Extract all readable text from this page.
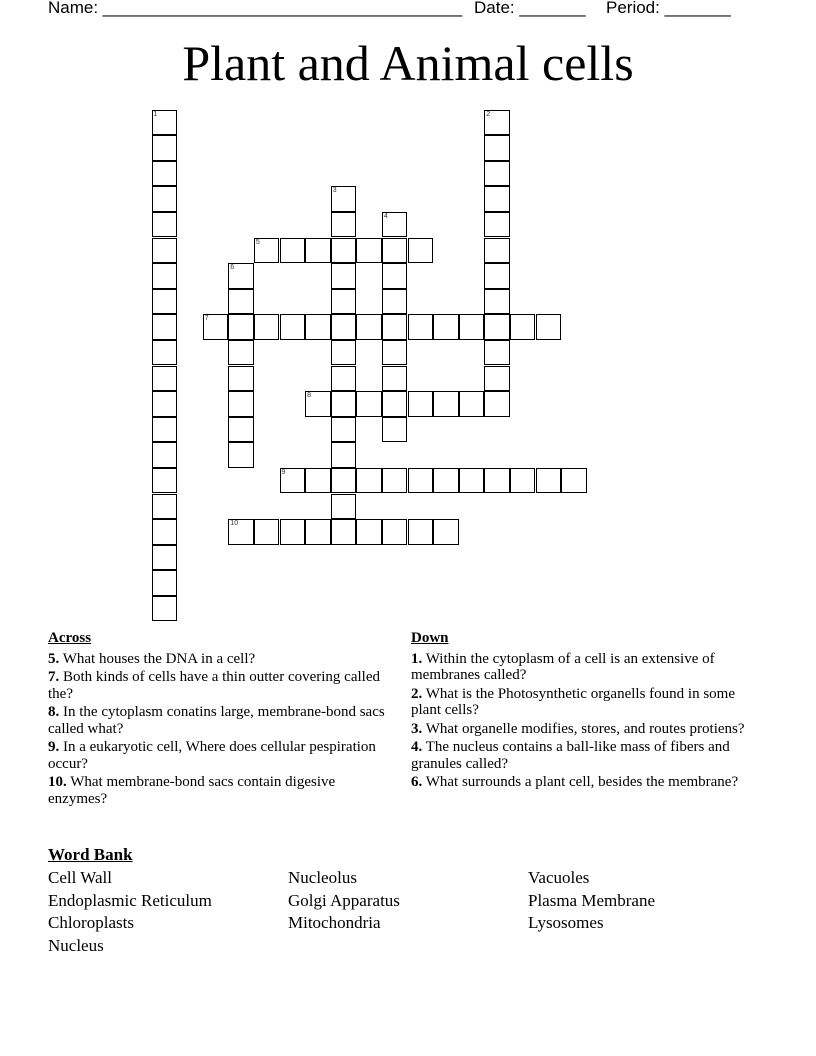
Name: ______________________________________ Date: _______ Period: _______
Plant and Animal cells
1	2
3
4
5
6
7
8
9
10
Across
5. What houses the DNA in a cell?
7. Both kinds of cells have a thin outter covering called the?
8. In the cytoplasm conatins large, membrane-bond sacs called what?
9. In a eukaryotic cell, Where does cellular pespiration occur?
10. What membrane-bond sacs contain digesive enzymes?
Down
1. Within the cytoplasm of a cell is an extensive of membranes called?
2. What is the Photosynthetic organells found in some plant cells?
3. What organelle modifies, stores, and routes protiens?
4. The nucleus contains a ball-like mass of fibers and granules called?
6. What surrounds a plant cell, besides the membrane?
Word Bank
Cell Wall	Nucleolus	Vacuoles
Endoplasmic Reticulum	Golgi Apparatus	Plasma Membrane
Chloroplasts	Mitochondria	Lysosomes
Nucleus
